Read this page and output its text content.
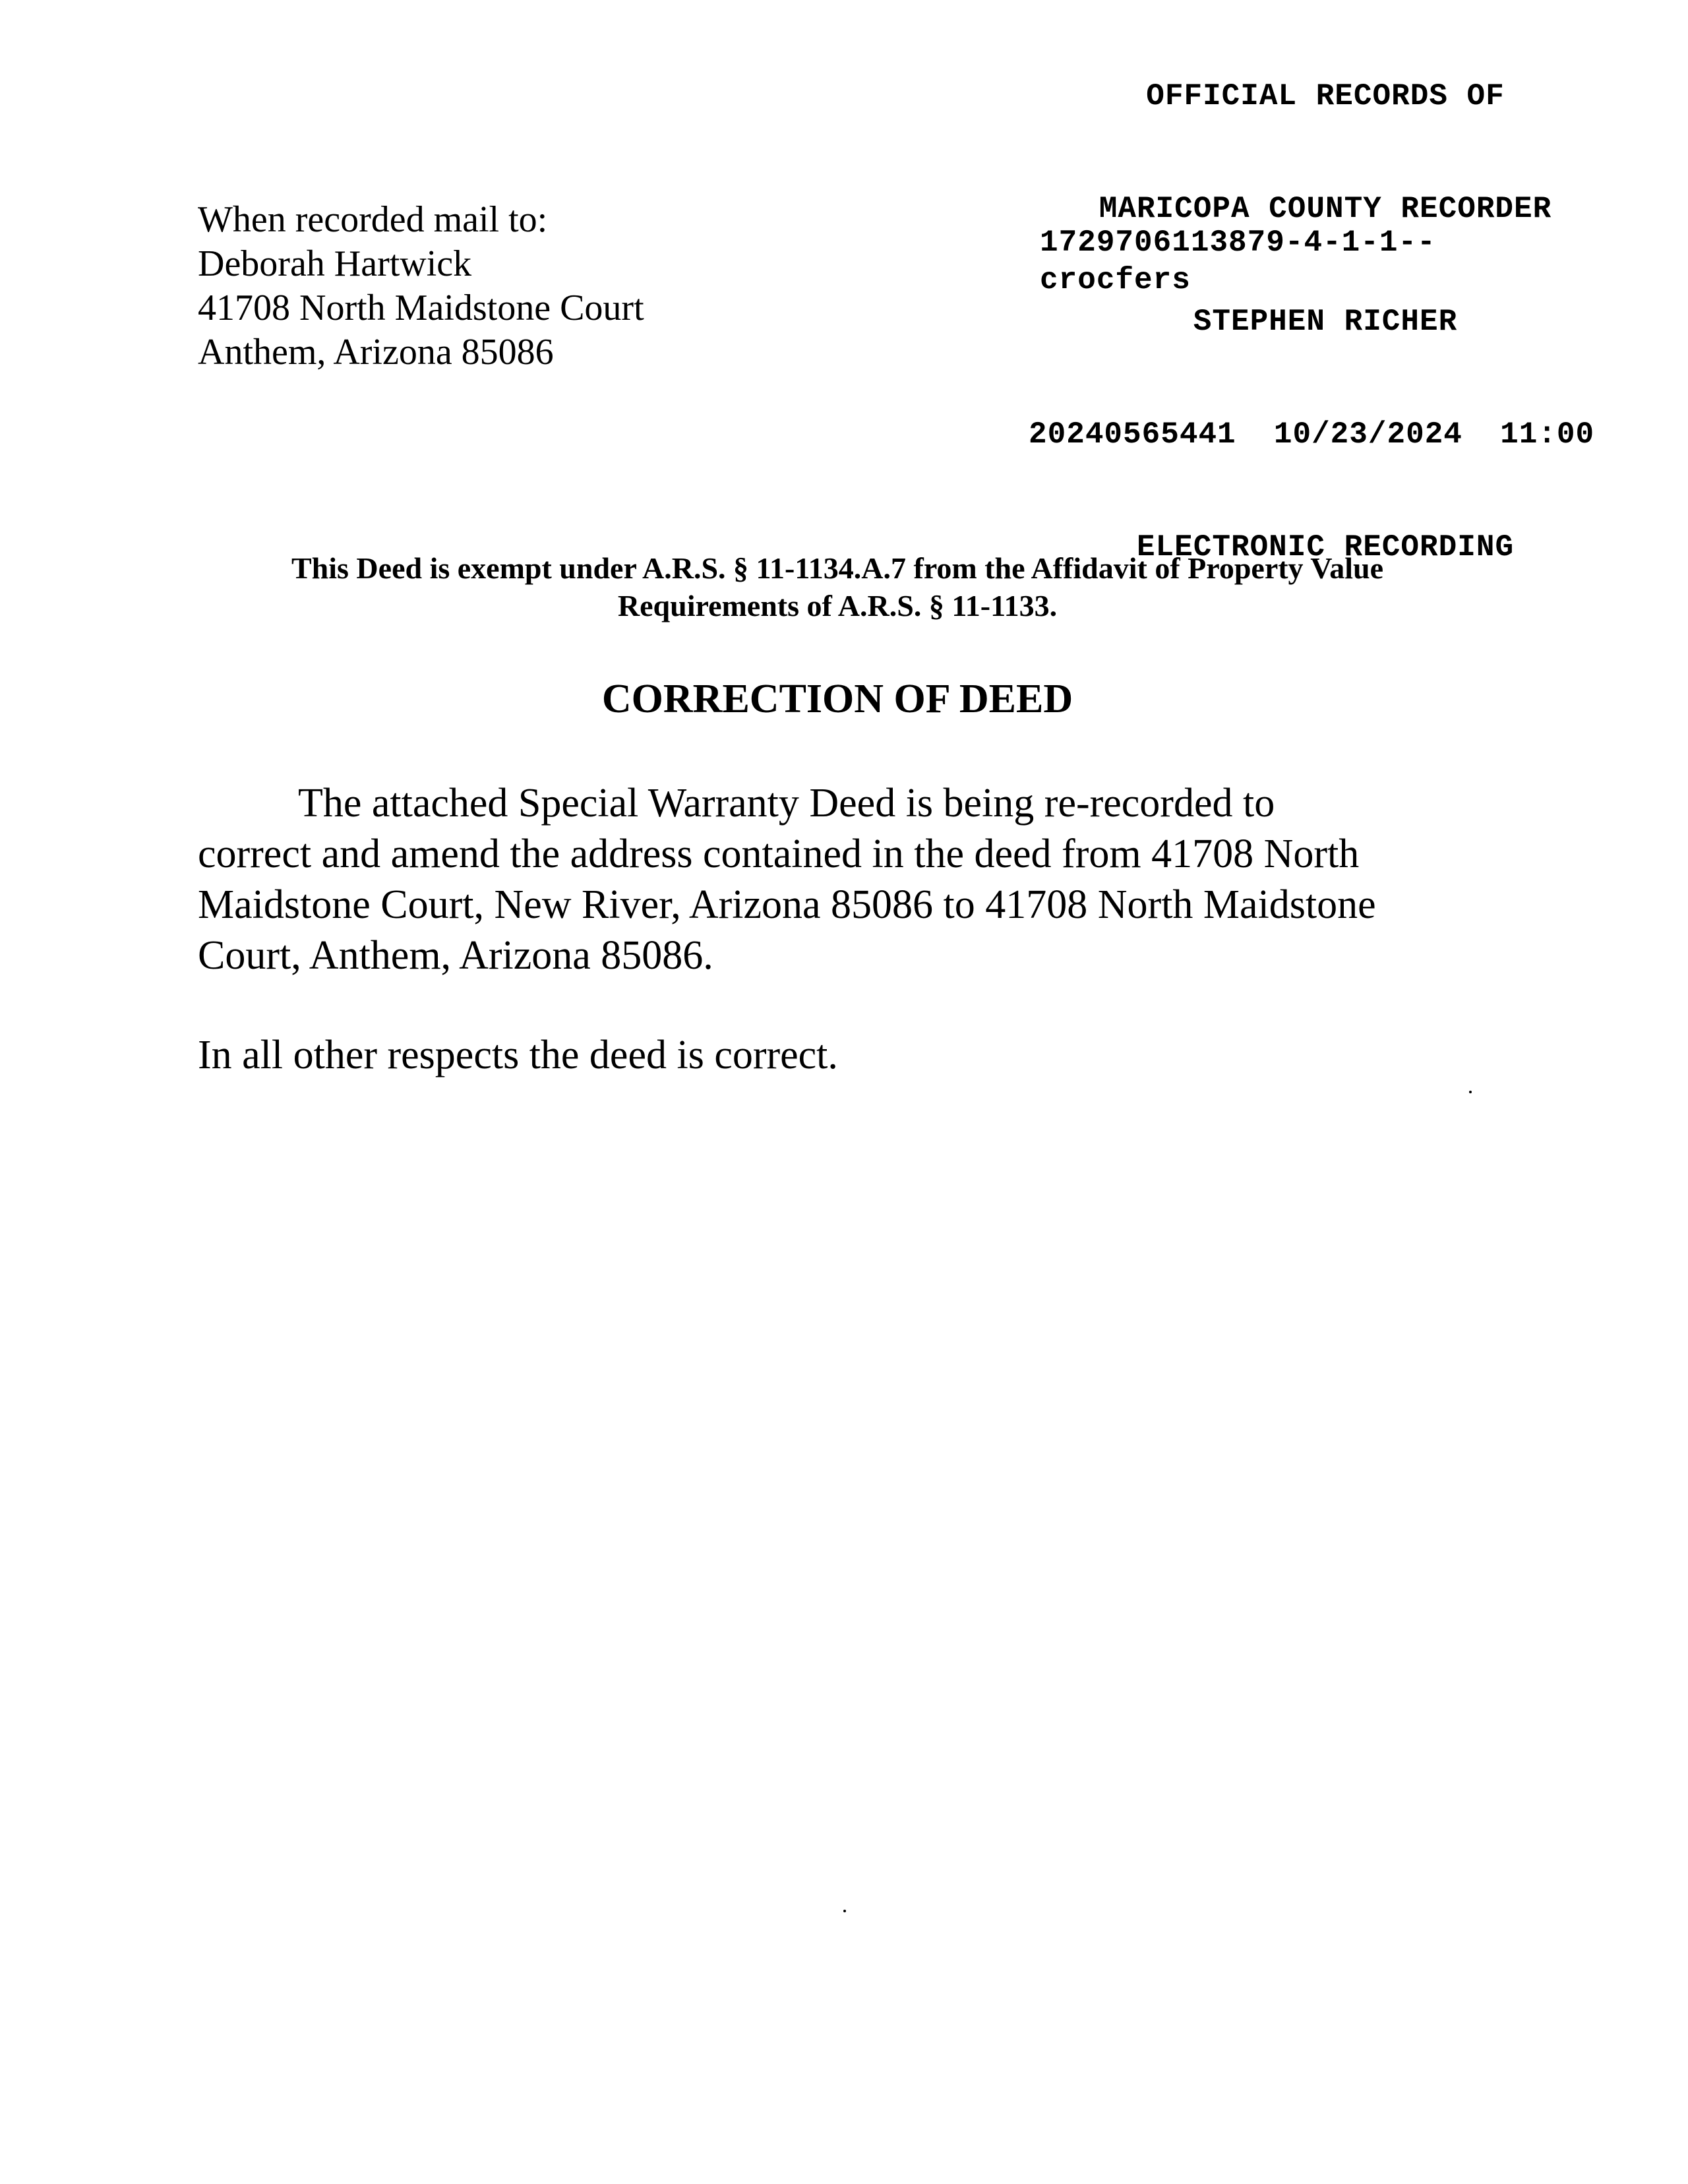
OFFICIAL RECORDS OF

MARICOPA COUNTY RECORDER

STEPHEN RICHER

20240565441  10/23/2024  11:00

ELECTRONIC RECORDING

1729706113879-4-1-1--
crocfers
When recorded mail to:
Deborah Hartwick
41708 North Maidstone Court
Anthem, Arizona 85086
This Deed is exempt under A.R.S. § 11-1134.A.7 from the Affidavit of Property Value
Requirements of A.R.S. § 11-1133.
CORRECTION OF DEED
The attached Special Warranty Deed is being re-recorded to
correct and amend the address contained in the deed from 41708 North
Maidstone Court, New River, Arizona 85086 to 41708 North Maidstone
Court, Anthem, Arizona 85086.
In all other respects the deed is correct.
